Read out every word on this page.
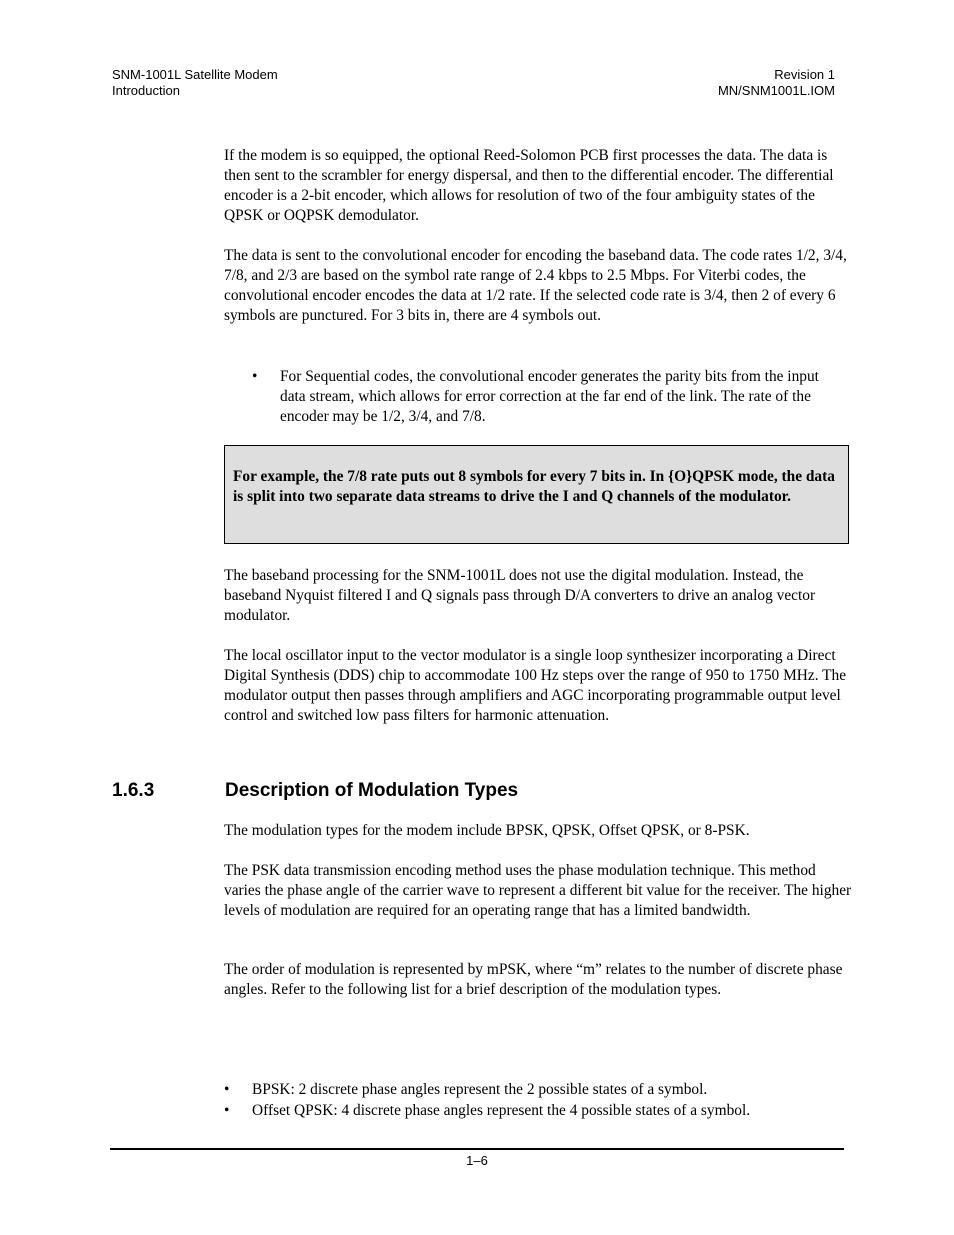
SNM-1001L Satellite Modem
Introduction
Revision 1
MN/SNM1001L.IOM

If the modem is so equipped, the optional Reed-Solomon PCB first processes the data. The data is then sent to the scrambler for energy dispersal, and then to the differential encoder. The differential encoder is a 2-bit encoder, which allows for resolution of two of the four ambiguity states of the QPSK or OQPSK demodulator.

The data is sent to the convolutional encoder for encoding the baseband data. The code rates 1/2, 3/4, 7/8, and 2/3 are based on the symbol rate range of 2.4 kbps to 2.5 Mbps. For Viterbi codes, the convolutional encoder encodes the data at 1/2 rate. If the selected code rate is 3/4, then 2 of every 6 symbols are punctured. For 3 bits in, there are 4 symbols out.

• For Sequential codes, the convolutional encoder generates the parity bits from the input data stream, which allows for error correction at the far end of the link. The rate of the encoder may be 1/2, 3/4, and 7/8.

For example, the 7/8 rate puts out 8 symbols for every 7 bits in. In {O}QPSK mode, the data is split into two separate data streams to drive the I and Q channels of the modulator.

The baseband processing for the SNM-1001L does not use the digital modulation. Instead, the baseband Nyquist filtered I and Q signals pass through D/A converters to drive an analog vector modulator.

The local oscillator input to the vector modulator is a single loop synthesizer incorporating a Direct Digital Synthesis (DDS) chip to accommodate 100 Hz steps over the range of 950 to 1750 MHz. The modulator output then passes through amplifiers and AGC incorporating programmable output level control and switched low pass filters for harmonic attenuation.

1.6.3	Description of Modulation Types

The modulation types for the modem include BPSK, QPSK, Offset QPSK, or 8-PSK.

The PSK data transmission encoding method uses the phase modulation technique. This method varies the phase angle of the carrier wave to represent a different bit value for the receiver. The higher levels of modulation are required for an operating range that has a limited bandwidth.

The order of modulation is represented by mPSK, where “m” relates to the number of discrete phase angles. Refer to the following list for a brief description of the modulation types.

• BPSK: 2 discrete phase angles represent the 2 possible states of a symbol.
• Offset QPSK: 4 discrete phase angles represent the 4 possible states of a symbol.
1–6
